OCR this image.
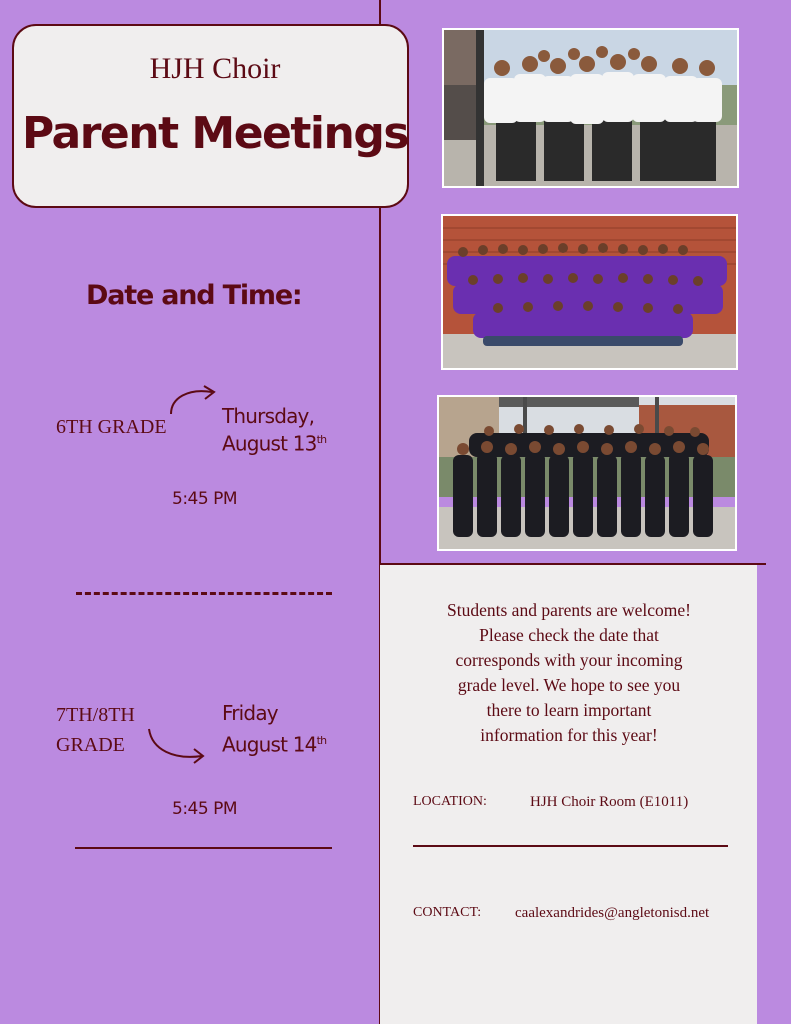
HJH Choir
Parent Meetings
Date and Time:
6TH GRADE	Thursday,
August 13th
5:45 PM
7TH/8TH
GRADE
Friday
August 14th
5:45 PM
Students and parents are welcome!
Please check the date that
corresponds with your incoming
grade level. We hope to see you
there to learn important
information for this year!
LOCATION:	HJH Choir Room (E1011)
CONTACT: caalexandrides@angletonisd.net
